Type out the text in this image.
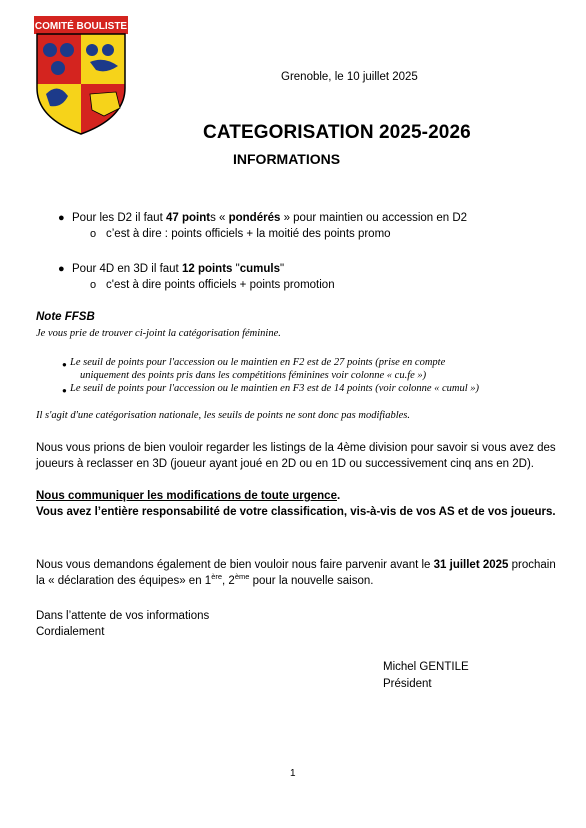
COMITÉ BOULISTE
Grenoble, le 10 juillet 2025
CATEGORISATION 2025-2026
INFORMATIONS
● Pour les D2 il faut 47 points « pondérés » pour maintien ou accession en D2
o c’est à dire : points officiels + la moitié des points promo
● Pour 4D en 3D il faut 12 points "cumuls"
o c'est à dire points officiels + points promotion
Note FFSB
Je vous prie de trouver ci-joint la catégorisation féminine.
● Le seuil de points pour l'accession ou le maintien en F2 est de 27 points (prise en compte
uniquement des points pris dans les compétitions féminines voir colonne « cu.fe »)
● Le seuil de points pour l'accession ou le maintien en F3 est de 14 points (voir colonne « cumul »)
Il s'agit d'une catégorisation nationale, les seuils de points ne sont donc pas modifiables.
Nous vous prions de bien vouloir regarder les listings de la 4ème division pour savoir si vous avez des joueurs à reclasser en 3D (joueur ayant joué en 2D ou en 1D ou successivement cinq ans en 2D).
Nous communiquer les modifications de toute urgence.
Vous avez l’entière responsabilité de votre classification, vis-à-vis de vos AS et de vos joueurs.
Nous vous demandons également de bien vouloir nous faire parvenir avant le 31 juillet 2025 prochain la « déclaration des équipes» en 1ère, 2ème pour la nouvelle saison.
Dans l’attente de vos informations
Cordialement
Michel GENTILE
Président
1
